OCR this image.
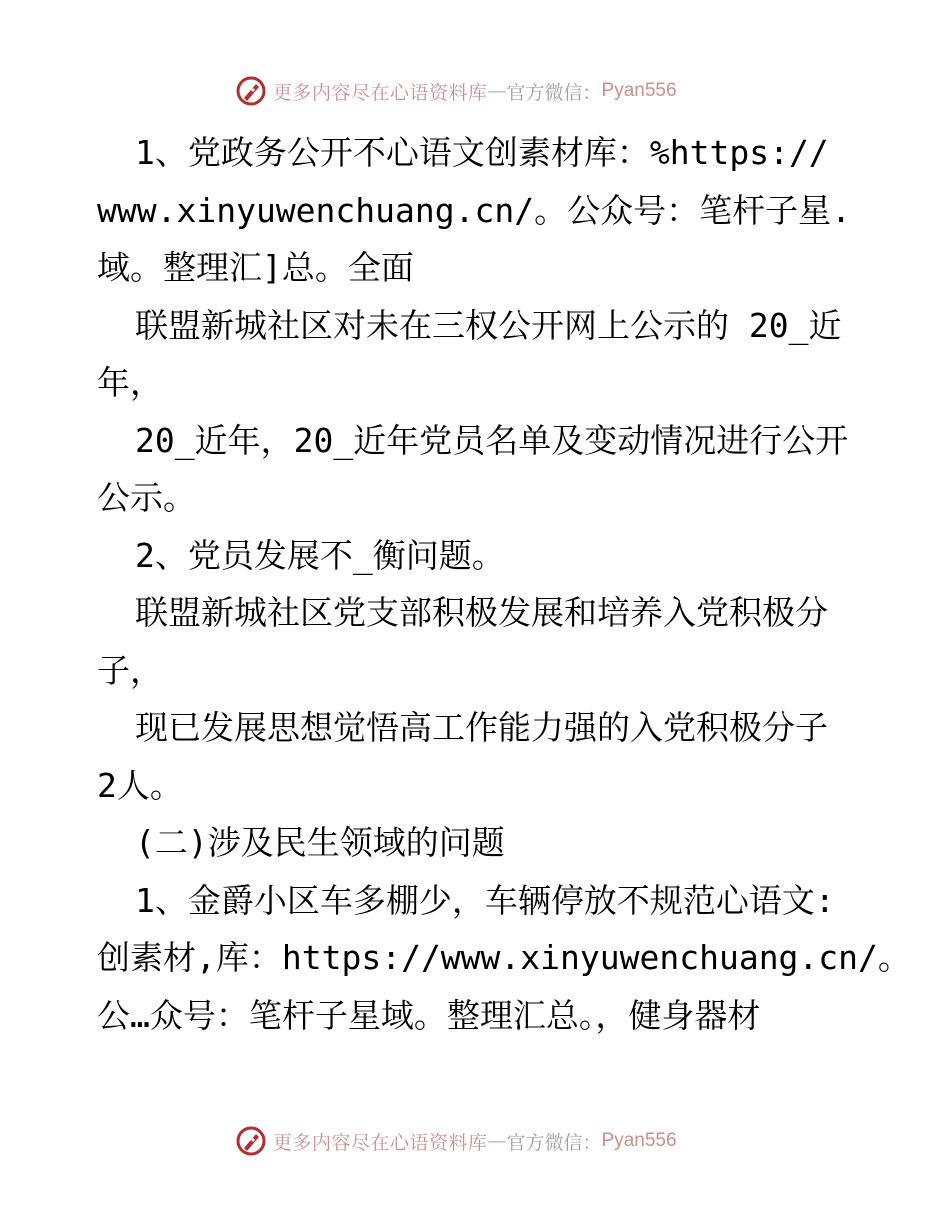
更多内容尽在心语资料库 — 官方微信： Pyan556
1、党政务公开不心语文创素材库：%https://
www.xinyuwenchuang.cn/。公众号：笔杆子星.
域。整理汇]总。全面
联盟新城社区对未在三权公开网上公示的 20_近
年，
20_近年，20_近年党员名单及变动情况进行公开
公示。
2、党员发展不_衡问题。
联盟新城社区党支部积极发展和培养入党积极分
子，
现已发展思想觉悟高工作能力强的入党积极分子
2人。
(二)涉及民生领域的问题
1、金爵小区车多棚少，车辆停放不规范心语文:
创素材,库：https://www.xinyuwenchuang.cn/。
公…众号：笔杆子星域。整理汇总。，健身器材
更多内容尽在心语资料库 — 官方微信： Pyan556
